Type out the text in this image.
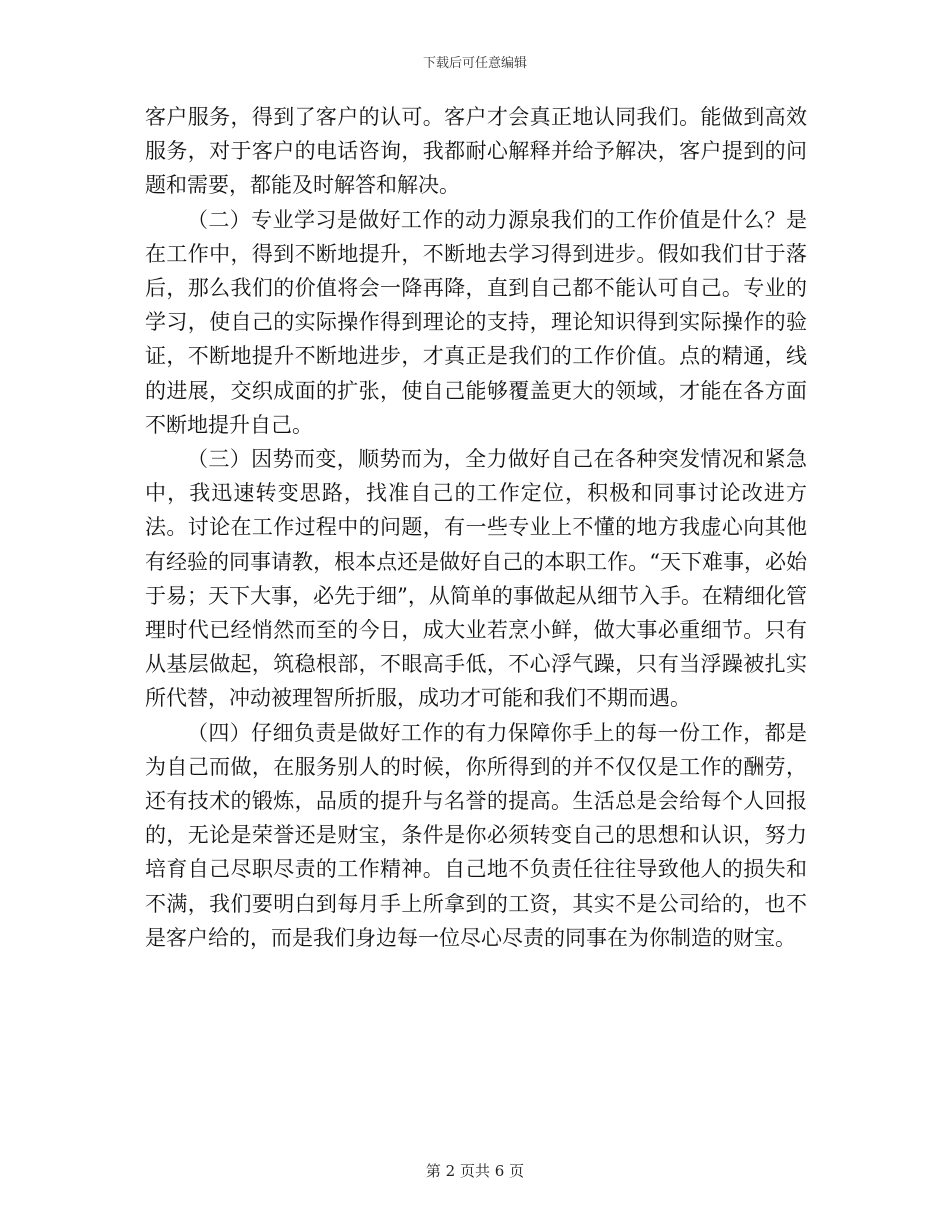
下载后可任意编辑

客户服务，得到了客户的认可。客户才会真正地认同我们。能做到高效服务，对于客户的电话咨询，我都耐心解释并给予解决，客户提到的问题和需要，都能及时解答和解决。

（二）专业学习是做好工作的动力源泉我们的工作价值是什么？是在工作中，得到不断地提升，不断地去学习得到进步。假如我们甘于落后，那么我们的价值将会一降再降，直到自己都不能认可自己。专业的学习，使自己的实际操作得到理论的支持，理论知识得到实际操作的验证，不断地提升不断地进步，才真正是我们的工作价值。点的精通，线的进展，交织成面的扩张，使自己能够覆盖更大的领域，才能在各方面不断地提升自己。

（三）因势而变，顺势而为，全力做好自己在各种突发情况和紧急中，我迅速转变思路，找准自己的工作定位，积极和同事讨论改进方法。讨论在工作过程中的问题，有一些专业上不懂的地方我虚心向其他有经验的同事请教，根本点还是做好自己的本职工作。“天下难事，必始于易；天下大事，必先于细”，从简单的事做起从细节入手。在精细化管理时代已经悄然而至的今日，成大业若烹小鲜，做大事必重细节。只有从基层做起，筑稳根部，不眼高手低，不心浮气躁，只有当浮躁被扎实所代替，冲动被理智所折服，成功才可能和我们不期而遇。

（四）仔细负责是做好工作的有力保障你手上的每一份工作，都是为自己而做，在服务别人的时候，你所得到的并不仅仅是工作的酬劳，还有技术的锻炼，品质的提升与名誉的提高。生活总是会给每个人回报的，无论是荣誉还是财宝，条件是你必须转变自己的思想和认识，努力培育自己尽职尽责的工作精神。自己地不负责任往往导致他人的损失和不满，我们要明白到每月手上所拿到的工资，其实不是公司给的，也不是客户给的，而是我们身边每一位尽心尽责的同事在为你制造的财宝。

第 2 页共 6 页
